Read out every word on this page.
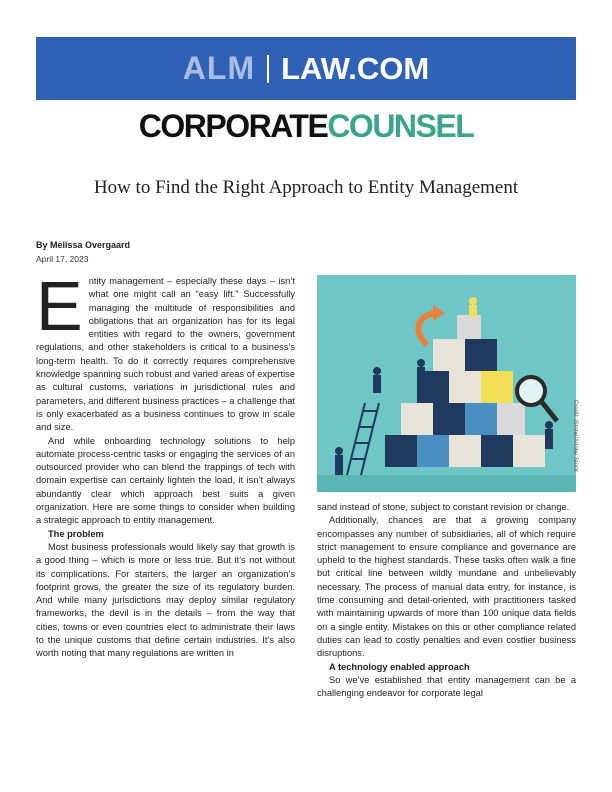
ALM LAW.COM
CORPORATECOUNSEL
How to Find the Right Approach to Entity Management
By Melissa Overgaard
April 17, 2023
E ntity management – especially these days – isn’t what one might call an “easy lift.” Successfully managing the multitude of responsibilities and obligations that an organization has for its legal entities with regard to the owners, government regulations, and other stakeholders is critical to a business’s long-term health. To do it correctly requires comprehensive knowledge spanning such robust and varied areas of expertise as cultural customs, variations in jurisdictional rules and parameters, and different business practices – a challenge that is only exacerbated as a business continues to grow in scale and size.

And while onboarding technology solutions to help automate process-centric tasks or engaging the services of an outsourced provider who can blend the trappings of tech with domain expertise can certainly lighten the load, it isn’t always abundantly clear which approach best suits a given organization. Here are some things to consider when building a strategic approach to entity management.

The problem

Most business professionals would likely say that growth is a good thing – which is more or less true. But it’s not without its complications. For starters, the larger an organization’s footprint grows, the greater the size of its regulatory burden. And while many jurisdictions may deploy similar regulatory frameworks, the devil is in the details – from the way that cities, towns or even countries elect to administrate their laws to the unique customs that define certain industries. It’s also worth noting that many regulations are written in

Credit: iStone/Adobe Stock

sand instead of stone, subject to constant revision or change.

Additionally, chances are that a growing company encompasses any number of subsidiaries, all of which require strict management to ensure compliance and governance are upheld to the highest standards. These tasks often walk a fine but critical line between wildly mundane and unbelievably necessary. The process of manual data entry, for instance, is time consuming and detail-oriented, with practitioners tasked with maintaining upwards of more than 100 unique data fields on a single entity. Mistakes on this or other compliance related duties can lead to costly penalties and even costlier business disruptions.

A technology enabled approach

So we’ve established that entity management can be a challenging endeavor for corporate legal
